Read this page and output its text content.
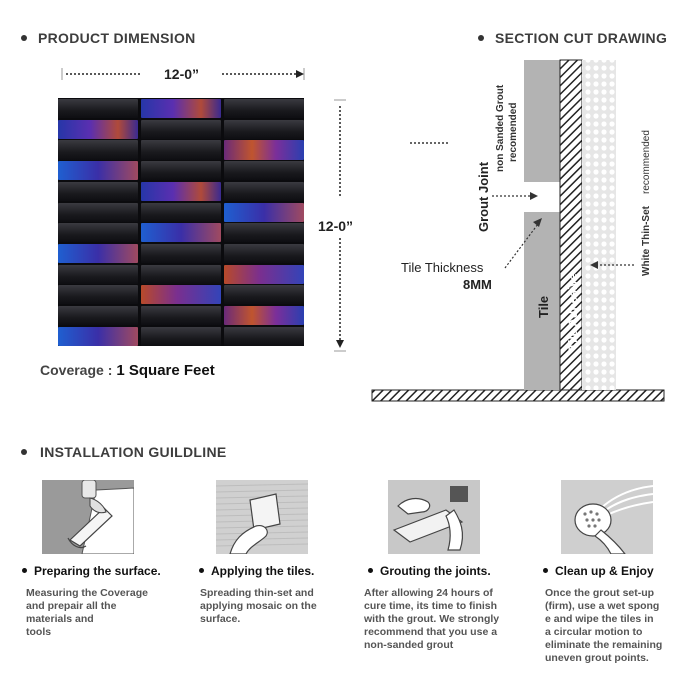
PRODUCT DIMENSION
12-0”
12-0”
Coverage : 1 Square Feet
SECTION CUT DRAWING
non Sanded Grout recomended
Grout Joint
Tile Tile Adhesive
White Thin-Set
recommended
Tile Thickness
8MM
INSTALLATION GUILDLINE
Preparing the surface.	Applying the tiles.	Grouting the joints.	Clean up & Enjoy
Measuring the Coverage
and prepair all the
materials and
tools
Spreading thin-set and
applying mosaic on the
surface.
After allowing 24 hours of
cure time, its time to finish
with the grout. We strongly
recommend that you use a
non-sanded grout
Once the grout set-up
(firm), use a wet spong
e and wipe the tiles in
a circular motion to
eliminate the remaining
uneven grout points.
